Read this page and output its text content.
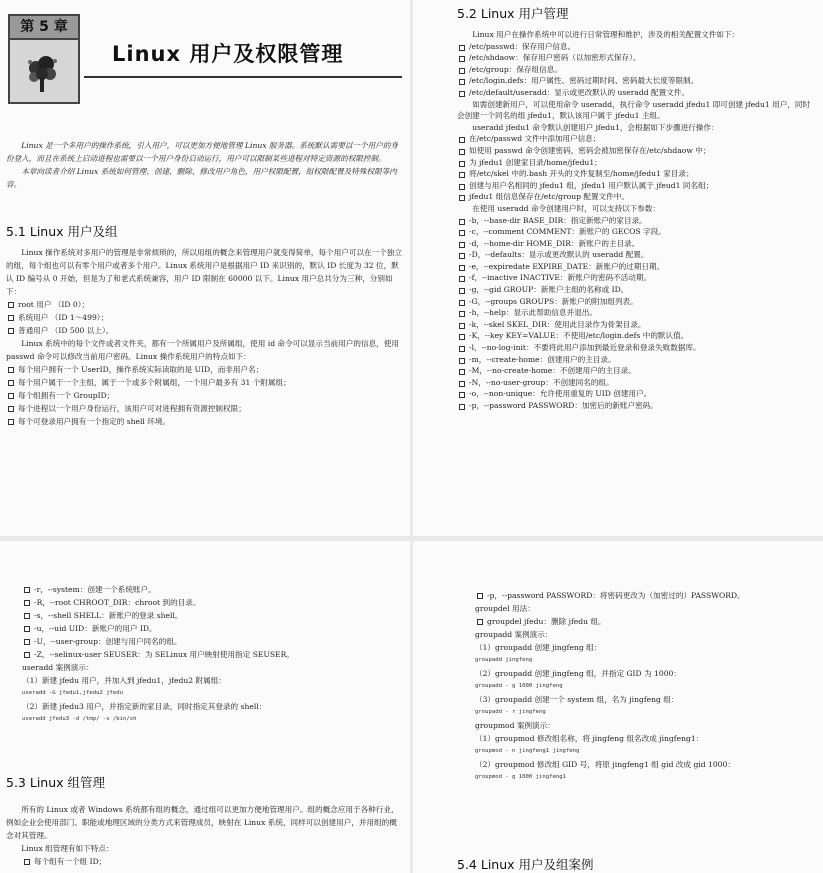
第 5 章
Linux 用户及权限管理

Linux 是一个多用户的操作系统，引入用户，可以更加方便地管理 Linux 服务器。系统默认需要以一个用户的身份登入，而且在系统上启动进程也需要以一个用户身份启动运行，用户可以限制某些进程对特定资源的权限控制。

本章向读者介绍 Linux 系统如何管理、创建、删除、修改用户角色，用户权限配置，组权限配置及特殊权限等内容。

5.1 Linux 用户及组

Linux 操作系统对多用户的管理是非常烦琐的，所以用组的概念来管理用户就变得简单，每个用户可以在一个独立的组，每个组也可以有零个用户或者多个用户。Linux 系统用户是根据用户 ID 来识别的，默认 ID 长度为 32 位，默认 ID 编号从 0 开始，但是为了和老式系统兼容，用户 ID 限制在 60000 以下。Linux 用户总共分为三种，分别如下：

root 用户 （ID 0）；
系统用户 （ID 1～499）；
普通用户 （ID 500 以上）。

Linux 系统中的每个文件或者文件夹，都有一个所属用户及所属组，使用 id 命令可以显示当前用户的信息，使用 passwd 命令可以修改当前用户密码。Linux 操作系统用户的特点如下：

每个用户拥有一个 UserID，操作系统实际读取的是 UID，而非用户名；
每个用户属于一个主组，属于一个或多个附属组，一个用户最多有 31 个附属组；
每个组拥有一个 GroupID；
每个进程以一个用户身份运行，该用户可对进程拥有资源控制权限；
每个可登录用户拥有一个指定的 shell 环境。
5.2 Linux 用户管理

Linux 用户在操作系统中可以进行日常管理和维护，涉及的相关配置文件如下：

/etc/passwd：保存用户信息。
/etc/shdaow：保存用户密码（以加密形式保存）。
/etc/group：保存组信息。
/etc/login.defs：用户属性、密码过期时间、密码最大长度等限制。
/etc/default/useradd：显示或更改默认的 useradd 配置文件。

如需创建新用户，可以使用命令 useradd，执行命令 useradd jfedu1 即可创建 jfedu1 用户，同时会创建一个同名的组 jfedu1，默认该用户属于 jfedu1 主组。

useradd jfedu1 命令默认创建用户 jfedu1，会根据如下步骤进行操作：

在/etc/passwd 文件中添加用户信息；
如使用 passwd 命令创建密码，密码会被加密保存在/etc/shdaow 中；
为 jfedu1 创建家目录/home/jfedu1；
将/etc/skel 中的.bash 开头的文件复制至/home/jfedu1 家目录；
创建与用户名相同的 jfedu1 组，jfedu1 用户默认属于 jfeud1 同名组；
jfedu1 组信息保存在/etc/group 配置文件中。

在使用 useradd 命令创建用户时，可以支持以下参数：

-b，--base-dir BASE_DIR：指定新账户的家目录。
-c，--comment COMMENT：新账户的 GECOS 字段。
-d，--home-dir HOME_DIR：新账户的主目录。
-D，--defaults：显示或更改默认的 useradd 配置。
-e，--expiredate EXPIRE_DATE：新账户的过期日期。
-f，--inactive INACTIVE：新账户的密码不活动期。
-g，--gid GROUP：新账户主组的名称或 ID。
-G，--groups GROUPS：新账户的附加组列表。
-h，--help：显示此帮助信息并退出。
-k，--skel SKEL_DIR：使用此目录作为骨架目录。
-K，--key KEY=VALUE：不使用/etc/login.defs 中的默认值。
-l，--no-log-init：不要将此用户添加到最近登录和登录失败数据库。
-m，--create-home：创建用户的主目录。
-M，--no-create-home：不创建用户的主目录。
-N，--no-user-group：不创建同名的组。
-o，--non-unique：允许使用重复的 UID 创建用户。
-p，--password PASSWORD：加密后的新账户密码。
-r，--system：创建一个系统账户。
-R，--root CHROOT_DIR：chroot 到的目录。
-s，--shell SHELL：新账户的登录 shell。
-u，--uid UID：新账户的用户 ID。
-U，--user-group：创建与用户同名的组。
-Z，--selinux-user SEUSER：为 SELinux 用户映射使用指定 SEUSER。

useradd 案例演示：

（1）新建 jfedu 用户，并加入到 jfedu1，jfedu2 附属组：

useradd -G jfedu1,jfedu2 jfedu

（2）新建 jfedu3 用户，并指定新的家目录，同时指定其登录的 shell：

useradd jfedu3 -d /tmp/ -s /bin/sh

5.3 Linux 组管理

所有的 Linux 或者 Windows 系统都有组的概念，通过组可以更加方便地管理用户。组的概念应用于各种行业，例如企业会使用部门、职能或地理区域的分类方式来管理成员，映射在 Linux 系统，同样可以创建用户，并用组的概念对其管理。

Linux 组管理有如下特点：

每个组有一个组 ID；
-p，--password PASSWORD：将密码更改为（加密过的）PASSWORD。

groupdel 用法：

groupdel jfedu：删除 jfedu 组。

groupadd 案例演示：

（1）groupadd 创建 jingfeng 组：

groupadd jingfeng

（2）groupadd 创建 jingfeng 组，并指定 GID 为 1000：

groupadd - g 1000 jingfeng

（3）groupadd 创建一个 system 组，名为 jingfeng 组：

groupadd - r jingfeng

groupmod 案例演示：

（1）groupmod 修改组名称，将 jingfeng 组名改成 jingfeng1：

groupmod - n jingfeng1 jingfeng

（2）groupmod 修改组 GID 号，将原 jingfeng1 组 gid 改成 gid 1000：

groupmod - g 1000 jingfeng1

5.4 Linux 用户及组案例
